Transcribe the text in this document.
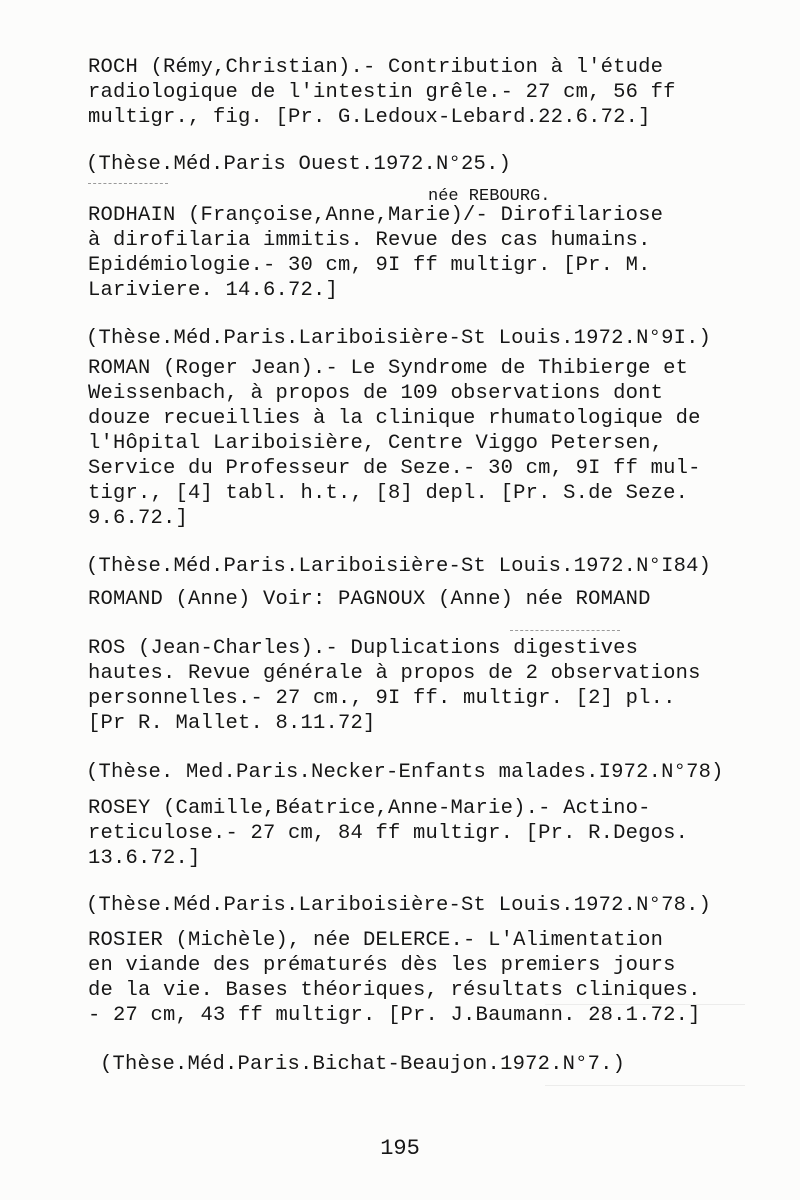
ROCH (Rémy,Christian).- Contribution à l'étude
radiologique de l'intestin grêle.- 27 cm, 56 ff
multigr., fig. [Pr. G.Ledoux-Lebard.22.6.72.]
(Thèse.Méd.Paris Ouest.1972.N°25.)
née REBOURG.
RODHAIN (Françoise,Anne,Marie)/- Dirofilariose
à dirofilaria immitis. Revue des cas humains.
Epidémiologie.- 30 cm, 9I ff multigr. [Pr. M.
Lariviere. 14.6.72.]
(Thèse.Méd.Paris.Lariboisière-St Louis.1972.N°9I.)
ROMAN (Roger Jean).- Le Syndrome de Thibierge et
Weissenbach, à propos de 109 observations dont
douze recueillies à la clinique rhumatologique de
l'Hôpital Lariboisière, Centre Viggo Petersen,
Service du Professeur de Seze.- 30 cm, 9I ff mul-
tigr., [4] tabl. h.t., [8] depl. [Pr. S.de Seze.
9.6.72.]
(Thèse.Méd.Paris.Lariboisière-St Louis.1972.N°I84)
ROMAND (Anne) Voir: PAGNOUX (Anne) née ROMAND
ROS (Jean-Charles).- Duplications digestives
hautes. Revue générale à propos de 2 observations
personnelles.- 27 cm., 9I ff. multigr. [2] pl..
[Pr R. Mallet. 8.11.72]
(Thèse. Med.Paris.Necker-Enfants malades.I972.N°78)
ROSEY (Camille,Béatrice,Anne-Marie).- Actino-
reticulose.- 27 cm, 84 ff multigr. [Pr. R.Degos.
13.6.72.]
(Thèse.Méd.Paris.Lariboisière-St Louis.1972.N°78.)
ROSIER (Michèle), née DELERCE.- L'Alimentation
en viande des prématurés dès les premiers jours
de la vie. Bases théoriques, résultats cliniques.
- 27 cm, 43 ff multigr. [Pr. J.Baumann. 28.1.72.]
(Thèse.Méd.Paris.Bichat-Beaujon.1972.N°7.)
195
